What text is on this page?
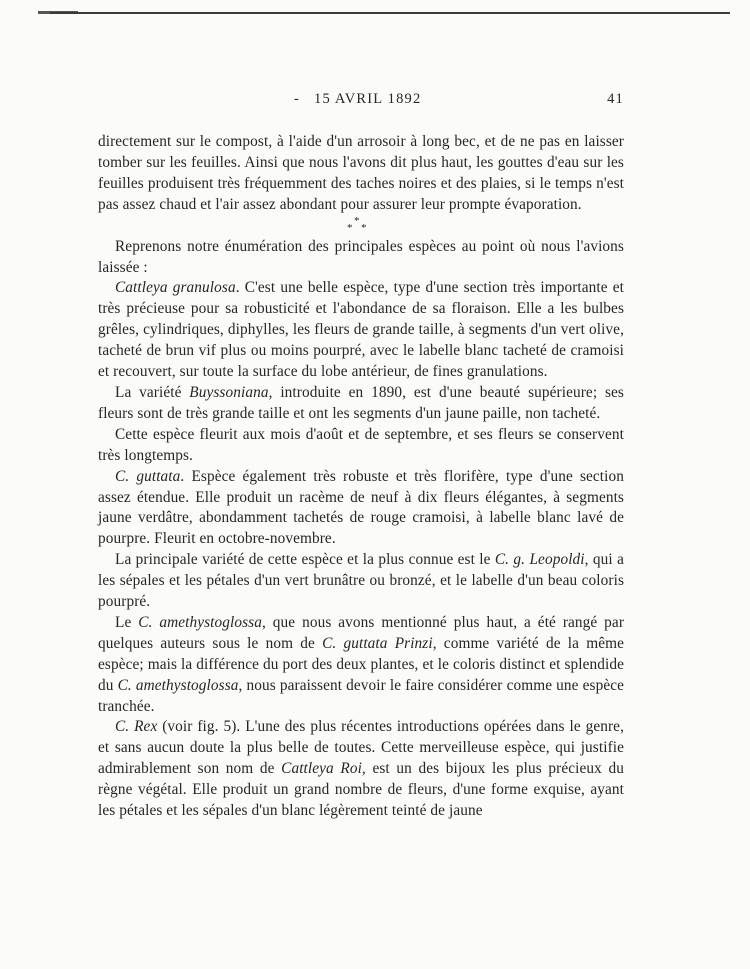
- 15 AVRIL 1892	41

directement sur le compost, à l'aide d'un arrosoir à long bec, et de ne pas en laisser tomber sur les feuilles. Ainsi que nous l'avons dit plus haut, les gouttes d'eau sur les feuilles produisent très fréquemment des taches noires et des plaies, si le temps n'est pas assez chaud et l'air assez abondant pour assurer leur prompte évaporation.

*
* *

Reprenons notre énumération des principales espèces au point où nous l'avions laissée :

Cattleya granulosa. C'est une belle espèce, type d'une section très importante et très précieuse pour sa robusticité et l'abondance de sa floraison. Elle a les bulbes grêles, cylindriques, diphylles, les fleurs de grande taille, à segments d'un vert olive, tacheté de brun vif plus ou moins pourpré, avec le labelle blanc tacheté de cramoisi et recouvert, sur toute la surface du lobe antérieur, de fines granulations.

La variété Buyssoniana, introduite en 1890, est d'une beauté supérieure; ses fleurs sont de très grande taille et ont les segments d'un jaune paille, non tacheté.

Cette espèce fleurit aux mois d'août et de septembre, et ses fleurs se conservent très longtemps.

C. guttata. Espèce également très robuste et très florifère, type d'une section assez étendue. Elle produit un racème de neuf à dix fleurs élégantes, à segments jaune verdâtre, abondamment tachetés de rouge cramoisi, à labelle blanc lavé de pourpre. Fleurit en octobre-novembre.

La principale variété de cette espèce et la plus connue est le C. g. Leopoldi, qui a les sépales et les pétales d'un vert brunâtre ou bronzé, et le labelle d'un beau coloris pourpré.

Le C. amethystoglossa, que nous avons mentionné plus haut, a été rangé par quelques auteurs sous le nom de C. guttata Prinzi, comme variété de la même espèce; mais la différence du port des deux plantes, et le coloris distinct et splendide du C. amethystoglossa, nous paraissent devoir le faire considérer comme une espèce tranchée.

C. Rex (voir fig. 5). L'une des plus récentes introductions opérées dans le genre, et sans aucun doute la plus belle de toutes. Cette merveilleuse espèce, qui justifie admirablement son nom de Cattleya Roi, est un des bijoux les plus précieux du règne végétal. Elle produit un grand nombre de fleurs, d'une forme exquise, ayant les pétales et les sépales d'un blanc légèrement teinté de jaune
